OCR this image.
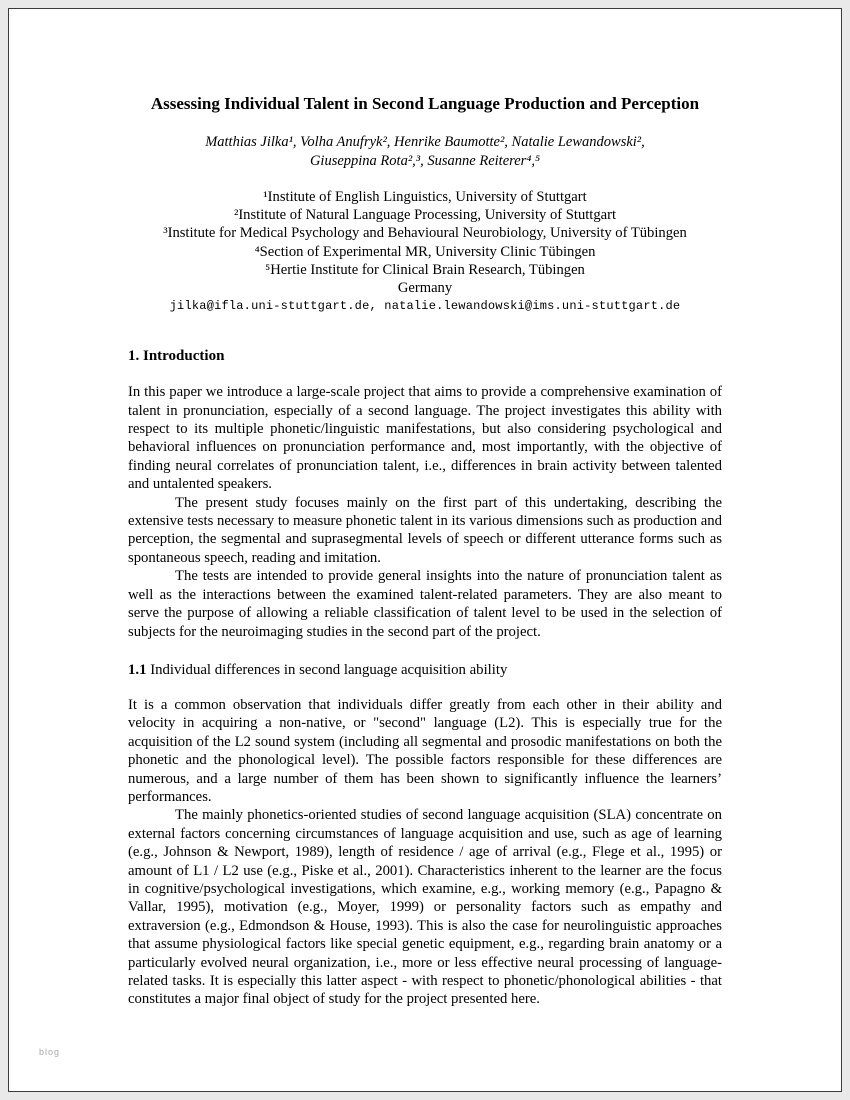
Assessing Individual Talent in Second Language Production and Perception
Matthias Jilka¹, Volha Anufryk², Henrike Baumotte², Natalie Lewandowski²,
Giuseppina Rota²,³, Susanne Reiterer⁴,⁵
¹Institute of English Linguistics, University of Stuttgart
²Institute of Natural Language Processing, University of Stuttgart
³Institute for Medical Psychology and Behavioural Neurobiology, University of Tübingen
⁴Section of Experimental MR, University Clinic Tübingen
⁵Hertie Institute for Clinical Brain Research, Tübingen
Germany
jilka@ifla.uni-stuttgart.de, natalie.lewandowski@ims.uni-stuttgart.de
1. Introduction

In this paper we introduce a large-scale project that aims to provide a comprehensive examination of talent in pronunciation, especially of a second language. The project investigates this ability with respect to its multiple phonetic/linguistic manifestations, but also considering psychological and behavioral influences on pronunciation performance and, most importantly, with the objective of finding neural correlates of pronunciation talent, i.e., differences in brain activity between talented and untalented speakers.

The present study focuses mainly on the first part of this undertaking, describing the extensive tests necessary to measure phonetic talent in its various dimensions such as production and perception, the segmental and suprasegmental levels of speech or different utterance forms such as spontaneous speech, reading and imitation.

The tests are intended to provide general insights into the nature of pronunciation talent as well as the interactions between the examined talent-related parameters. They are also meant to serve the purpose of allowing a reliable classification of talent level to be used in the selection of subjects for the neuroimaging studies in the second part of the project.

1.1 Individual differences in second language acquisition ability

It is a common observation that individuals differ greatly from each other in their ability and velocity in acquiring a non-native, or "second" language (L2). This is especially true for the acquisition of the L2 sound system (including all segmental and prosodic manifestations on both the phonetic and the phonological level). The possible factors responsible for these differences are numerous, and a large number of them has been shown to significantly influence the learners’ performances.

The mainly phonetics-oriented studies of second language acquisition (SLA) concentrate on external factors concerning circumstances of language acquisition and use, such as age of learning (e.g., Johnson & Newport, 1989), length of residence / age of arrival (e.g., Flege et al., 1995) or amount of L1 / L2 use (e.g., Piske et al., 2001). Characteristics inherent to the learner are the focus in cognitive/psychological investigations, which examine, e.g., working memory (e.g., Papagno & Vallar, 1995), motivation (e.g., Moyer, 1999) or personality factors such as empathy and extraversion (e.g., Edmondson & House, 1993). This is also the case for neurolinguistic approaches that assume physiological factors like special genetic equipment, e.g., regarding brain anatomy or a particularly evolved neural organization, i.e., more or less effective neural processing of language-related tasks. It is especially this latter aspect - with respect to phonetic/phonological abilities - that constitutes a major final object of study for the project presented here.

blog
